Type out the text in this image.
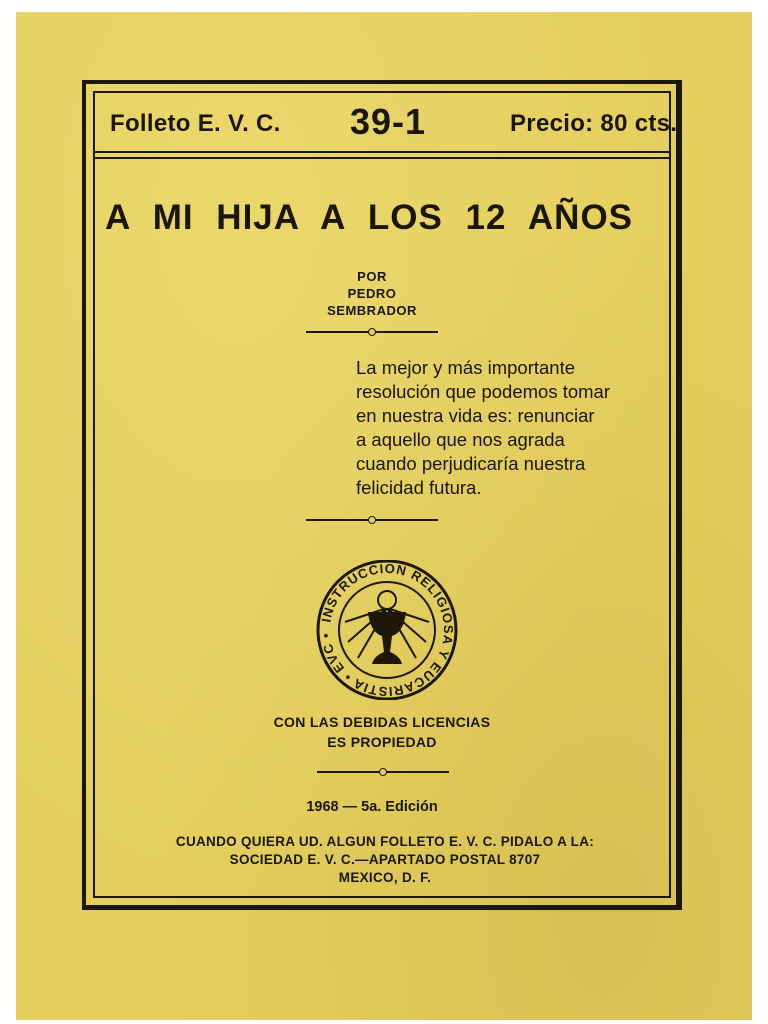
Folleto E. V. C. 39-1	Precio: 80 cts.
A MI HIJA A LOS 12 AÑOS
POR
PEDRO SEMBRADOR

La mejor y más importante

resolución que podemos tomar

en nuestra vida es: renunciar

a aquello que nos agrada

cuando perjudicaría nuestra

felicidad futura.

INSTRUCCION RELIGIOSA Y EUCARISTIA • EVC •
CON LAS DEBIDAS LICENCIAS
ES PROPIEDAD
1968 — 5a. Edición
CUANDO QUIERA UD. ALGUN FOLLETO E. V. C. PIDALO A LA:
SOCIEDAD E. V. C.—APARTADO POSTAL 8707
MEXICO, D. F.
